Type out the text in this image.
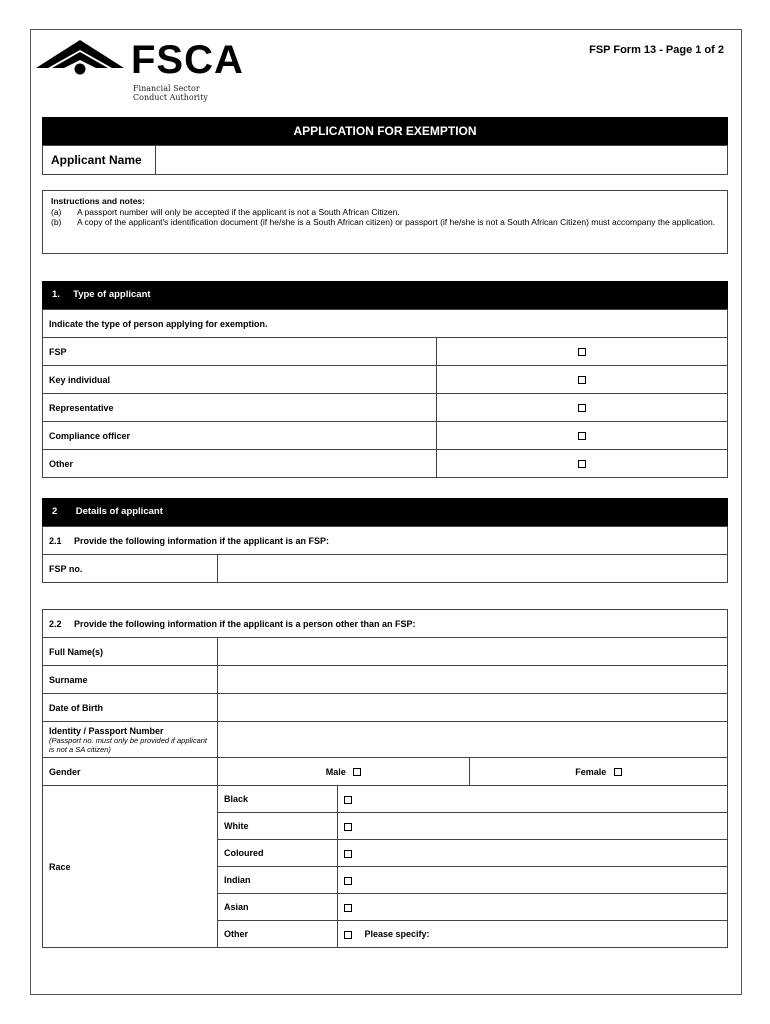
FSCA
Financial Sector
Conduct Authority
FSP Form 13 - Page 1 of 2
APPLICATION FOR EXEMPTION
Applicant Name
Instructions and notes:
(a)	A passport number will only be accepted if the applicant is not a South African Citizen.
(b)	A copy of the applicant's identification document (if he/she is a South African citizen) or passport (if he/she is not a South African Citizen) must accompany the application.
1.     Type of applicant
Indicate the type of person applying for exemption.	
FSP	
Key individual	
Representative	
Compliance officer	
Other	
2       Details of applicant
2.1     Provide the following information if the applicant is an FSP:
FSP no.	
2.2     Provide the following information if the applicant is a person other than an FSP:			
Full Name(s)			
Surname			
Date of Birth			

Identity / Passport Number
(Passport no. must only be provided if applicant is not a SA citizen)			

Gender	Male		Female
Race	Black		
	White		
	Coloured		
	Indian		
	Asian		
	Other	Please specify:	
